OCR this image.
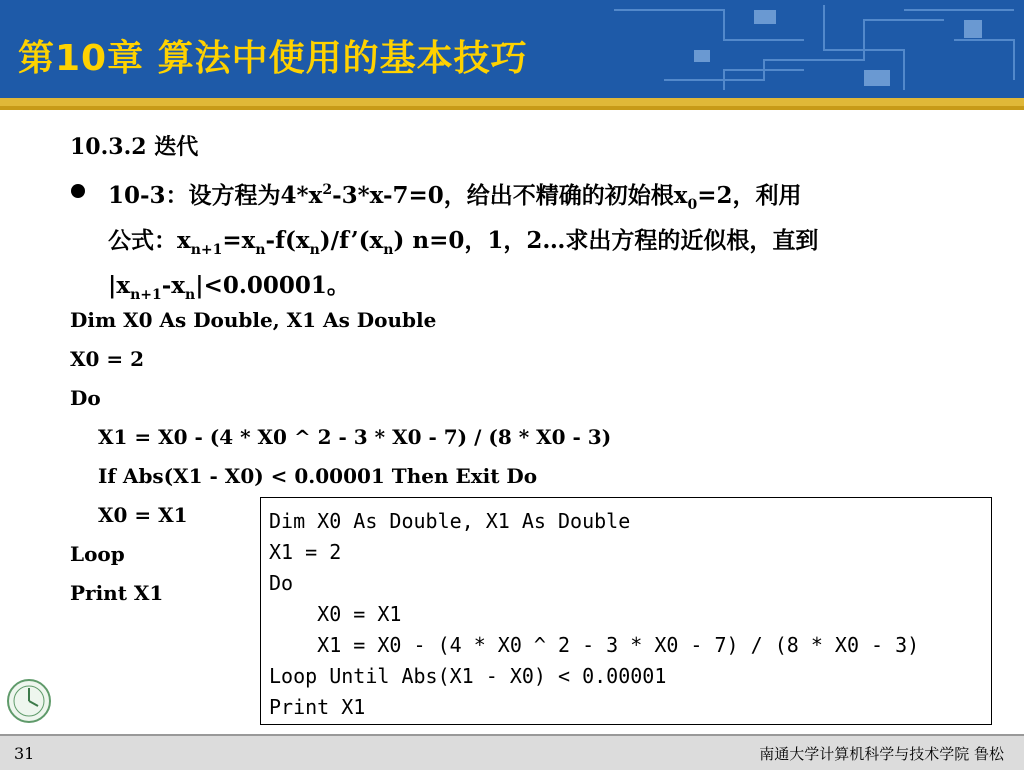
第10章 算法中使用的基本技巧
10.3.2 迭代
10-3：设方程为$4*x^2-3*x-7=0$，给出不精确的初始根$x_0=2$，利用
公式：$x_{n+1}=x_n-f(x_n)/f’(x_n)$ n=0，1，2…求出方程的近似根，直到
$|x_{n+1}-x_n|<0.00001$。
Dim X0 As Double, X1 As Double
X0 = 2
Do
X1 = X0 - (4 * X0 ^ 2 - 3 * X0 - 7) / (8 * X0 - 3)
If Abs(X1 - X0) < 0.00001 Then Exit Do
X0 = X1
Loop
Print X1
Dim X0 As Double, X1 As Double
X1 = 2
Do
X0 = X1
X1 = X0 - (4 * X0 ^ 2 - 3 * X0 - 7) / (8 * X0 - 3)
Loop Until Abs(X1 - X0) < 0.00001
Print X1
31	南通大学计算机科学与技术学院 鲁松
